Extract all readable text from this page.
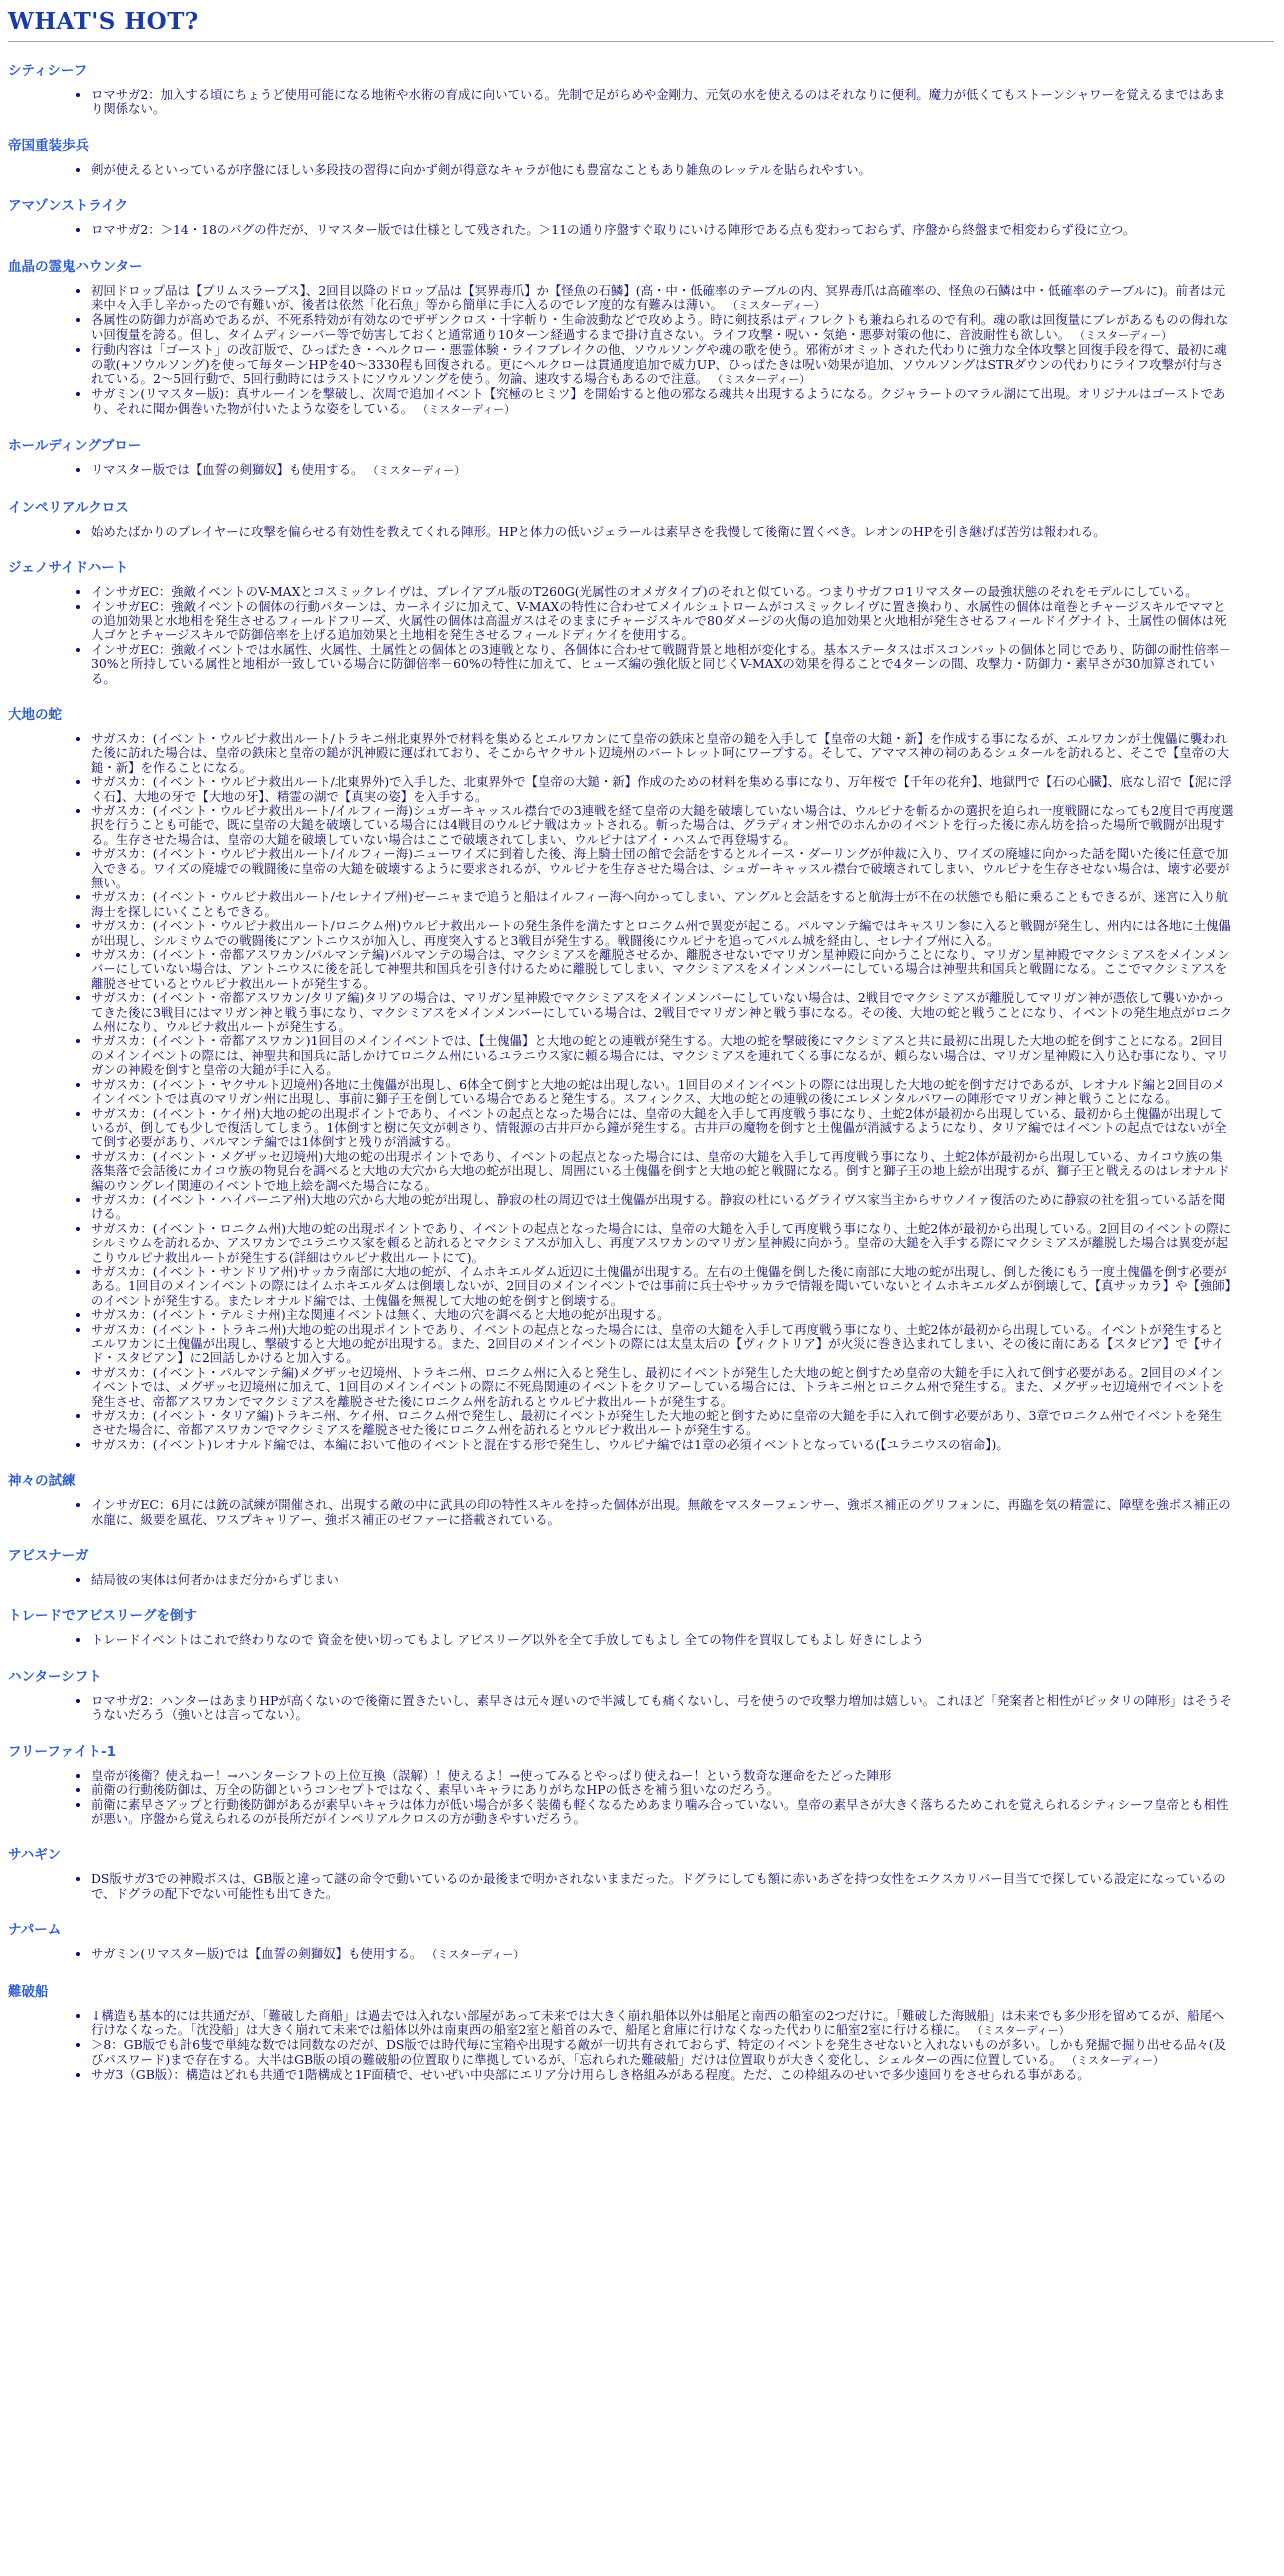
WHAT'S HOT?
シティシーフ
• ロマサガ2：加入する頃にちょうど使用可能になる地術や水術の育成に向いている。先制で足がらめや金剛力、元気の水を使えるのはそれなりに便利。魔力が低くてもストーンシャワーを覚えるまではあまり関係ない。
帝国重装歩兵
• 剣が使えるといっているが序盤にほしい多段技の習得に向かず剣が得意なキャラが他にも豊富なこともあり雑魚のレッテルを貼られやすい。
アマゾンストライク
• ロマサガ2：＞14・18のバグの件だが、リマスター版では仕様として残された。＞11の通り序盤すぐ取りにいける陣形である点も変わっておらず、序盤から終盤まで相変わらず役に立つ。
血晶の霊鬼ハウンター
• 初回ドロップ品は【プリムスラープス】、2回目以降のドロップ品は【冥界毒爪】か【怪魚の石鱗】(高・中・低確率のテーブルの内、冥界毒爪は高確率の、怪魚の石鱗は中・低確率のテーブルに)。前者は元来中々入手し辛かったので有難いが、後者は依然「化石魚」等から簡単に手に入るのでレア度的な有難みは薄い。 （ミスターディー）
• 各属性の防御力が高めであるが、不死系特効が有効なのでザザンクロス・十字斬り・生命波動などで攻めよう。時に剣技系はディフレクトも兼ねられるので有利。魂の歌は回復量にブレがあるものの侮れない回復量を誇る。但し、タイムディシーバー等で妨害しておくと通常通り10ターン経過するまで掛け直さない。ライフ攻撃・呪い・気絶・悪夢対策の他に、音波耐性も欲しい。 （ミスターディー）
• 行動内容は「ゴースト」の改訂版で、ひっぱたき・ヘルクロー・悪霊体験・ライフブレイクの他、ソウルソングや魂の歌を使う。邪術がオミットされた代わりに強力な全体攻撃と回復手段を得て、最初に魂の歌(+ソウルソング)を使って毎ターンHPを40〜3330程も回復される。更にヘルクローは貫通度追加で威力UP、ひっぱたきは呪い効果が追加、ソウルソングはSTRダウンの代わりにライフ攻撃が付与されている。2〜5回行動で、5回行動時にはラストにソウルソングを使う。勿論、速攻する場合もあるので注意。 （ミスターディー）
• サガミン(リマスター版)：真サルーインを撃破し、次周で追加イベント【究極のヒミツ】を開始すると他の邪なる魂共々出現するようになる。クジャラートのマラル湖にて出現。オリジナルはゴーストであり、それに聞か偶巻いた物が付いたような姿をしている。 （ミスターディー）
ホールディングブロー
• リマスター版では【血誓の剣獅奴】も使用する。 （ミスターディー）
インペリアルクロス
• 始めたばかりのプレイヤーに攻撃を偏らせる有効性を教えてくれる陣形。HPと体力の低いジェラールは素早さを我慢して後衛に置くべき。レオンのHPを引き継げば苦労は報われる。
ジェノサイドハート
• インサガEC：強敵イベントのV-MAXとコスミックレイヴは、プレイアブル版のT260G(光属性のオメガタイプ)のそれと似ている。つまりサガフロ1リマスターの最強状態のそれをモデルにしている。
• インサガEC：強敵イベントの個体の行動パターンは、カーネイジに加えて、V-MAXの特性に合わせてメイルシュトロームがコスミックレイヴに置き換わり、水属性の個体は竜巻とチャージスキルでママとの追加効果と水地相を発生させるフィールドフリーズ、火属性の個体は高温ガスはそのままにチャージスキルで80ダメージの火傷の追加効果と火地相が発生させるフィールドイグナイト、土属性の個体は死人ゴケとチャージスキルで防御倍率を上げる追加効果と土地相を発生させるフィールドディケイを使用する。
• インサガEC：強敵イベントでは水属性、火属性、土属性との個体との3連戦となり、各個体に合わせて戦闘背景と地相が変化する。基本ステータスはボスコンバットの個体と同じであり、防御の耐性倍率－30%と所持している属性と地相が一致している場合に防御倍率－60%の特性に加えて、ヒューズ編の強化版と同じくV-MAXの効果を得ることで4ターンの間、攻撃力・防御力・素早さが30加算されている。
大地の蛇
• サガスカ：(イベント・ウルピナ救出ルート/トラキニ州北東界外で材料を集めるとエルワカンにて皇帝の鉄床と皇帝の鎚を入手して【皇帝の大鎚・新】を作成する事になるが、エルワカンが土傀儡に襲われた後に訪れた場合は、皇帝の鉄床と皇帝の鎚が汎神殿に運ばれており、そこからヤクサルト辺境州のバートレット呵にワープする。そして、アママス神の祠のあるシュタールを訪れると、そこで【皇帝の大鎚・新】を作ることになる。
• サガスカ：(イベント・ウルピナ救出ルート/北東界外)で入手した、北東界外で【皇帝の大鎚・新】作成のための材料を集める事になり、万年桜で【千年の花弁】、地獄門で【石の心臓】、底なし沼で【泥に浮く石】、大地の牙で【大地の牙】、精霊の湖で【真実の姿】を入手する。
• サガスカ：(イベント・ウルピナ救出ルート/イルフィー海)シュガーキャッスル襟台での3連戦を経て皇帝の大鎚を破壊していない場合は、ウルピナを斬るかの選択を迫られ一度戦闘になっても2度目で再度選択を行うことも可能で、既に皇帝の大鎚を破壊している場合には4戦目のウルピナ戦はカットされる。斬った場合は、グラディオン州でのホんかのイベントを行った後に赤ん坊を拾った場所で戦闘が出現する。生存させた場合は、皇帝の大鎚を破壊していない場合はここで破壊されてしまい、ウルピナはアイ・ハスムで再登場する。
• サガスカ：(イベント・ウルピナ救出ルート/イルフィー海)ニューワイズに到着した後、海上騎士団の館で会話をするとルイース・ダーリングが仲裁に入り、ワイズの廃墟に向かった話を聞いた後に任意で加入できる。ワイズの廃墟での戦闘後に皇帝の大鎚を破壊するように要求されるが、ウルピナを生存させた場合は、シュガーキャッスル襟台で破壊されてしまい、ウルピナを生存させない場合は、壊す必要が無い。
• サガスカ：(イベント・ウルピナ救出ルート/セレナイプ州)ゼーニャまで追うと船はイルフィー海へ向かってしまい、アングルと会話をすると航海士が不在の状態でも船に乗ることもできるが、迷宮に入り航海士を探しにいくこともできる。
• サガスカ：(イベント・ウルピナ救出ルート/ロニクム州)ウルピナ救出ルートの発生条件を満たすとロニクム州で異変が起こる。パルマンテ編ではキャスリン参に入ると戦闘が発生し、州内には各地に土傀儡が出現し、シルミウムでの戦闘後にアントニウスが加入し、再度突入すると3戦目が発生する。戦闘後にウルピナを追ってパルム城を経由し、セレナイプ州に入る。
• サガスカ：(イベント・帝都アスワカン/パルマンテ編)パルマンテの場合は、マクシミアスを離脱させるか、離脱させないでマリガン星神殿に向かうことになり、マリガン星神殿でマクシミアスをメインメンバーにしていない場合は、アントニウスに後を託して神聖共和国兵を引き付けるために離脱してしまい、マクシミアスをメインメンバーにしている場合は神聖共和国兵と戦闘になる。ここでマクシミアスを離脱させているとウルピナ救出ルートが発生する。
• サガスカ：(イベント・帝都アスワカン/タリア編)タリアの場合は、マリガン星神殿でマクシミアスをメインメンバーにしていない場合は、2戦目でマクシミアスが離脱してマリガン神が憑依して襲いかかってきた後に3戦目にはマリガン神と戦う事になり、マクシミアスをメインメンバーにしている場合は、2戦目でマリガン神と戦う事になる。その後、大地の蛇と戦うことになり、イベントの発生地点がロニクム州になり、ウルピナ救出ルートが発生する。
• サガスカ：(イベント・帝都アスワカン)1回目のメインイベントでは、【土傀儡】と大地の蛇との連戦が発生する。大地の蛇を撃破後にマクシミアスと共に最初に出現した大地の蛇を倒すことになる。2回目のメインイベントの際には、神聖共和国兵に話しかけてロニクム州にいるユラニウス家に頼る場合には、マクシミアスを連れてくる事になるが、頼らない場合は、マリガン星神殿に入り込む事になり、マリガンの神殿を倒すと皇帝の大鎚が手に入る。
• サガスカ：(イベント・ヤクサルト辺境州)各地に土傀儡が出現し、6体全て倒すと大地の蛇は出現しない。1回目のメインイベントの際には出現した大地の蛇を倒すだけであるが、レオナルド編と2回目のメインイベントでは真のマリガン州に出現し、事前に獅子王を倒している場合であると発生する。スフィンクス、大地の蛇との連戦の後にエレメンタルパワーの陣形でマリガン神と戦うことになる。
• サガスカ：(イベント・ケイ州)大地の蛇の出現ポイントであり、イベントの起点となった場合には、皇帝の大鎚を入手して再度戦う事になり、土蛇2体が最初から出現している、最初から土傀儡が出現しているが、倒しても少しで復活してしまう。1体倒すと樹に矢文が刺さり、情報源の古井戸から鐘が発生する。古井戸の魔物を倒すと土傀儡が消滅するようになり、タリア編ではイベントの起点ではないが全て倒す必要があり、パルマンテ編では1体倒すと残りが消滅する。
• サガスカ：(イベント・メグザッセ辺境州)大地の蛇の出現ポイントであり、イベントの起点となった場合には、皇帝の大鎚を入手して再度戦う事になり、土蛇2体が最初から出現している、カイコウ族の集落集落で会話後にカイコウ族の物見台を調べると大地の大穴から大地の蛇が出現し、周囲にいる土傀儡を倒すと大地の蛇と戦闘になる。倒すと獅子王の地上絵が出現するが、獅子王と戦えるのはレオナルド編のウングレイ関連のイベントで地上絵を調べた場合になる。
• サガスカ：(イベント・ハイパーニア州)大地の穴から大地の蛇が出現し、静寂の杜の周辺では土傀儡が出現する。静寂の杜にいるグライヴス家当主からサウノイァ復活のために静寂の社を狙っている話を聞ける。
• サガスカ：(イベント・ロニクム州)大地の蛇の出現ポイントであり、イベントの起点となった場合には、皇帝の大鎚を入手して再度戦う事になり、土蛇2体が最初から出現している。2回目のイベントの際にシルミウムを訪れるか、アスワカンでユラニウス家を頼ると訪れるとマクシミアスが加入し、再度アスワカンのマリガン星神殿に向かう。皇帝の大鎚を入手する際にマクシミアスが離脱した場合は異変が起こりウルピナ救出ルートが発生する(詳細はウルピナ救出ルートにて)。
• サガスカ：(イベント・サンドリア州)サッカラ南部に大地の蛇が、イムホキエルダム近辺に土傀儡が出現する。左右の土傀儡を倒した後に南部に大地の蛇が出現し、倒した後にもう一度土傀儡を倒す必要がある。1回目のメインイベントの際にはイムホキエルダムは倒壊しないが、2回目のメインイベントでは事前に兵士やサッカラで情報を聞いていないとイムホキエルダムが倒壊して、【真サッカラ】や【強師】のイベントが発生する。またレオナルド編では、土傀儡を無視して大地の蛇を倒すと倒壊する。
• サガスカ：(イベント・テルミナ州)主な関連イベントは無く、大地の穴を調べると大地の蛇が出現する。
• サガスカ：(イベント・トラキニ州)大地の蛇の出現ポイントであり、イベントの起点となった場合には、皇帝の大鎚を入手して再度戦う事になり、土蛇2体が最初から出現している。イベントが発生するとエルワカンに土傀儡が出現し、撃破すると大地の蛇が出現する。また、2回目のメインイベントの際には太皇太后の【ヴィクトリア】が火災に巻き込まれてしまい、その後に南にある【スタビア】で【サイド・スタビアン】に2回話しかけると加入する。
• サガスカ：(イベント・パルマンテ編)メグザッセ辺境州、トラキニ州、ロニクム州に入ると発生し、最初にイベントが発生した大地の蛇と倒すため皇帝の大鎚を手に入れて倒す必要がある。2回目のメインイベントでは、メグザッセ辺境州に加えて、1回目のメインイベントの際に不死鳥関連のイベントをクリアーしている場合には、トラキニ州とロニクム州で発生する。また、メグザッセ辺境州でイベントを発生させ、帝都アスワカンでマクシミアスを離脱させた後にロニクム州を訪れるとウルピナ救出ルートが発生する。
• サガスカ：(イベント・タリア編)トラキニ州、ケイ州、ロニクム州で発生し、最初にイベントが発生した大地の蛇と倒すために皇帝の大鎚を手に入れて倒す必要があり、3章でロニクム州でイベントを発生させた場合に、帝都アスワカンでマクシミアスを離脱させた後にロニクム州を訪れるとウルピナ救出ルートが発生する。
• サガスカ：(イベント)レオナルド編では、本編において他のイベントと混在する形で発生し、ウルピナ編では1章の必須イベントとなっている(【ユラニウスの宿命】)。
神々の試練
• インサガEC：6月には銃の試練が開催され、出現する敵の中に武具の印の特性スキルを持った個体が出現。無敵をマスターフェンサー、強ボス補正のグリフォンに、再臨を気の精霊に、障壁を強ボス補正の水龍に、級要を風花、ワスプキャリアー、強ボス補正のゼファーに搭載されている。
アビスナーガ
• 結局彼の実体は何者かはまだ分からずじまい
トレードでアビスリーグを倒す
• トレードイベントはこれで終わりなので 資金を使い切ってもよし アビスリーグ以外を全て手放してもよし 全ての物件を買収してもよし 好きにしよう
ハンターシフト
• ロマサガ2：ハンターはあまりHPが高くないので後衛に置きたいし、素早さは元々遅いので半減しても痛くないし、弓を使うので攻撃力増加は嬉しい。これほど「発案者と相性がピッタリの陣形」はそうそうないだろう（強いとは言ってない）。
フリーファイト-1
• 皇帝が後衛？使えねー！→ハンターシフトの上位互換（誤解）！使えるよ！→使ってみるとやっぱり使えねー！という数奇な運命をたどった陣形
• 前衛の行動後防御は、万全の防御というコンセプトではなく、素早いキャラにありがちなHPの低さを補う狙いなのだろう。
• 前衛に素早さアップと行動後防御があるが素早いキャラは体力が低い場合が多く装備も軽くなるためあまり噛み合っていない。皇帝の素早さが大きく落ちるためこれを覚えられるシティシーフ皇帝とも相性が悪い。序盤から覚えられるのが長所だがインペリアルクロスの方が動きやすいだろう。
サハギン
• DS版サガ3での神殿ボスは、GB版と違って謎の命令で動いているのか最後まで明かされないままだった。ドグラにしても額に赤いあざを持つ女性をエクスカリバー目当てで探している設定になっているので、ドグラの配下でない可能性も出てきた。
ナパーム
• サガミン(リマスター版)では【血誓の剣獅奴】も使用する。 （ミスターディー）
難破船
• ↓構造も基本的には共通だが、「難破した商船」は過去では入れない部屋があって未来では大きく崩れ船体以外は船尾と南西の船室の2つだけに。「難破した海賊船」は未来でも多少形を留めてるが、船尾へ行けなくなった。「沈没船」は大きく崩れて未来では船体以外は南東西の船室2室と船首のみで、船尾と倉庫に行けなくなった代わりに船室2室に行ける様に。 （ミスターディー）
• ＞8：GB版でも計6隻で単純な数では同数なのだが、DS版では時代毎に宝箱や出現する敵が一切共有されておらず、特定のイベントを発生させないと入れないものが多い。しかも発掘で掘り出せる品々(及びパスワード)まで存在する。大半はGB版の頃の難破船の位置取りに準拠しているが、「忘れられた難破船」だけは位置取りが大きく変化し、シェルターの西に位置している。 （ミスターディー）
• サガ3（GB版）：構造はどれも共通で1階構成と1F面積で、せいぜい中央部にエリア分け用らしき格組みがある程度。ただ、この枠組みのせいで多少遠回りをさせられる事がある。
